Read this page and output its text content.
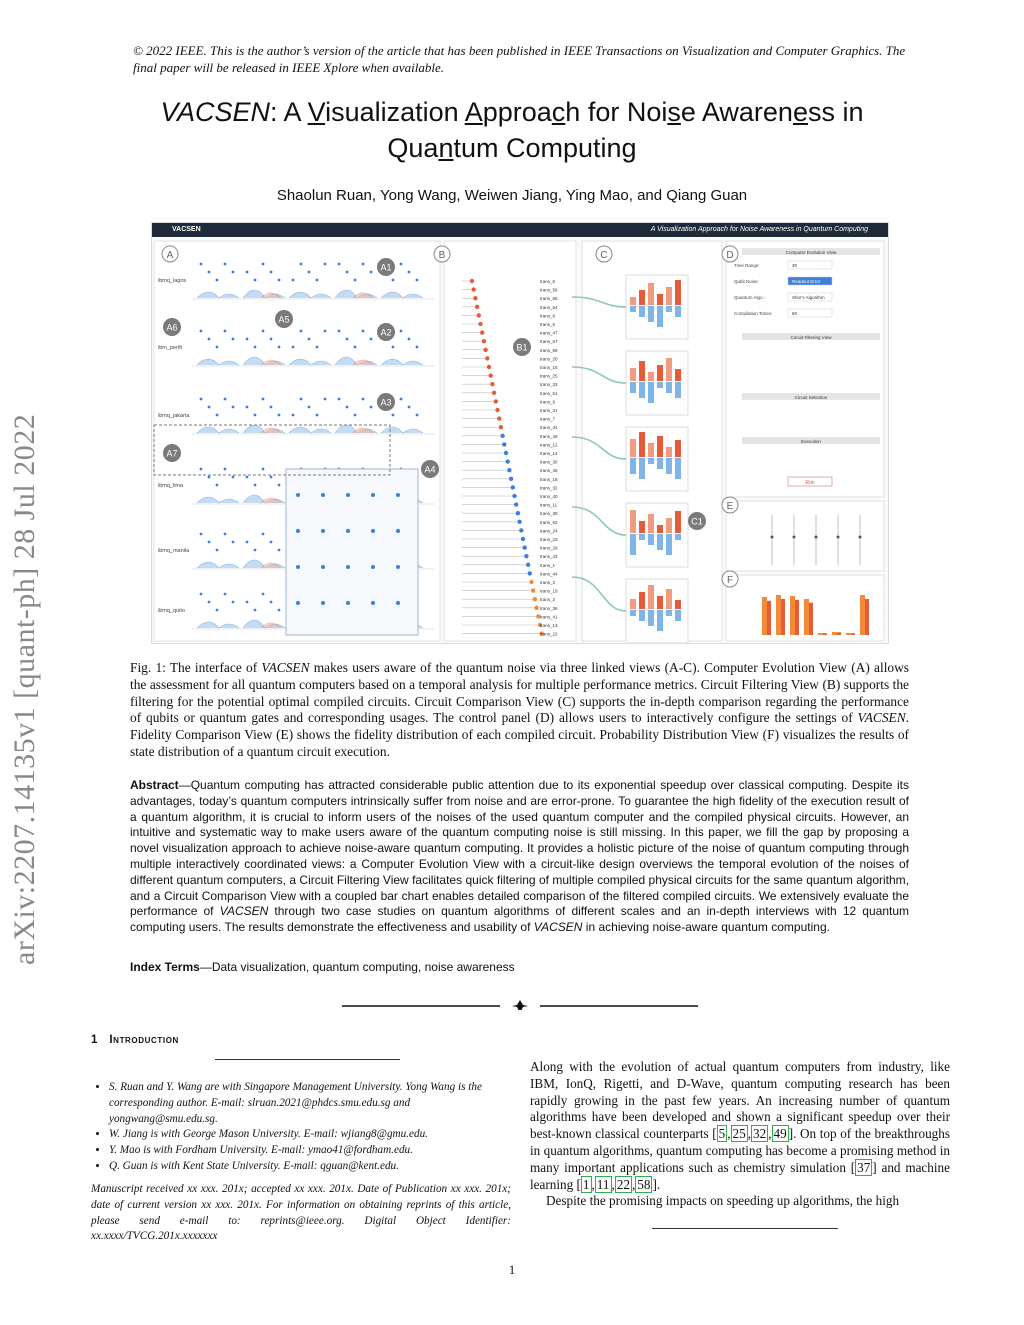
© 2022 IEEE. This is the author’s version of the article that has been published in IEEE Transactions on Visualization and Computer Graphics. The final paper will be released in IEEE Xplore when available.
VACSEN: A Visualization Approach for Noise Awareness in
Quantum Computing
Shaolun Ruan, Yong Wang, Weiwen Jiang, Ying Mao, and Qiang Guan
arXiv:2207.14135v1 [quant-ph] 28 Jul 2022
VACSEN	A Visualization Approach for Noise Awareness in Quantum Computing
ibmq_lagos
ibm_perth
ibmq_jakarta
ibmq_lima
ibmq_manila
ibmq_quito
A
A1
A2
A3
A4
A5
A6
A7
B
trans_6
trans_56
trans_55
trans_54
trans_8
trans_5
trans_47
trans_57
trans_59
trans_20
trans_15
trans_25
trans_33
trans_51
trans_9
trans_31
trans_7
trans_34
trans_49
trans_12
trans_14
trans_30
trans_45
trans_18
trans_32
trans_40
trans_11
trans_38
trans_52
trans_24
trans_23
trans_29
trans_43
trans_1
trans_44
trans_3
trans_19
trans_2
trans_36
trans_41
trans_13
trans_22
B1
C
C1
D	Computer Evolution View
Time Range:	30
Qubit Noise:	Readout Error
Quantum Algo.:	Shor's Algorithm
Compilation Times:	60
Circuit Filtering View
Circuit Selection
Execution
Run
E
F
Fig. 1: The interface of VACSEN makes users aware of the quantum noise via three linked views (A-C). Computer Evolution View (A) allows the assessment for all quantum computers based on a temporal analysis for multiple performance metrics. Circuit Filtering View (B) supports the filtering for the potential optimal compiled circuits. Circuit Comparison View (C) supports the in-depth comparison regarding the performance of qubits or quantum gates and corresponding usages. The control panel (D) allows users to interactively configure the settings of VACSEN. Fidelity Comparison View (E) shows the fidelity distribution of each compiled circuit. Probability Distribution View (F) visualizes the results of state distribution of a quantum circuit execution.
Abstract—Quantum computing has attracted considerable public attention due to its exponential speedup over classical computing. Despite its advantages, today’s quantum computers intrinsically suffer from noise and are error-prone. To guarantee the high fidelity of the execution result of a quantum algorithm, it is crucial to inform users of the noises of the used quantum computer and the compiled physical circuits. However, an intuitive and systematic way to make users aware of the quantum computing noise is still missing. In this paper, we fill the gap by proposing a novel visualization approach to achieve noise-aware quantum computing. It provides a holistic picture of the noise of quantum computing through multiple interactively coordinated views: a Computer Evolution View with a circuit-like design overviews the temporal evolution of the noises of different quantum computers, a Circuit Filtering View facilitates quick filtering of multiple compiled physical circuits for the same quantum algorithm, and a Circuit Comparison View with a coupled bar chart enables detailed comparison of the filtered compiled circuits. We extensively evaluate the performance of VACSEN through two case studies on quantum algorithms of different scales and an in-depth interviews with 12 quantum computing users. The results demonstrate the effectiveness and usability of VACSEN in achieving noise-aware quantum computing.
Index Terms—Data visualization, quantum computing, noise awareness
1 Introduction
• S. Ruan and Y. Wang are with Singapore Management University. Yong Wang is the corresponding author. E-mail: slruan.2021@phdcs.smu.edu.sg and yongwang@smu.edu.sg.
• W. Jiang is with George Mason University. E-mail: wjiang8@gmu.edu.
• Y. Mao is with Fordham University. E-mail: ymao41@fordham.edu.
• Q. Guan is with Kent State University. E-mail: qguan@kent.edu.
Manuscript received xx xxx. 201x; accepted xx xxx. 201x. Date of Publication xx xxx. 201x; date of current version xx xxx. 201x. For information on obtaining reprints of this article, please send e-mail to: reprints@ieee.org. Digital Object Identifier: xx.xxxx/TVCG.201x.xxxxxxx

Along with the evolution of actual quantum computers from industry, like IBM, IonQ, Rigetti, and D-Wave, quantum computing research has been rapidly growing in the past few years. An increasing number of quantum algorithms have been developed and shown a significant speedup over their best-known classical counterparts [ 5 , 25 , 32 , 49 ]. On top of the breakthroughs in quantum algorithms, quantum computing has become a promising method in many important applications such as chemistry simulation [ 37 ] and machine learning [ 1 , 11 , 22 , 58 ].

Despite the promising impacts on speeding up algorithms, the high

1
